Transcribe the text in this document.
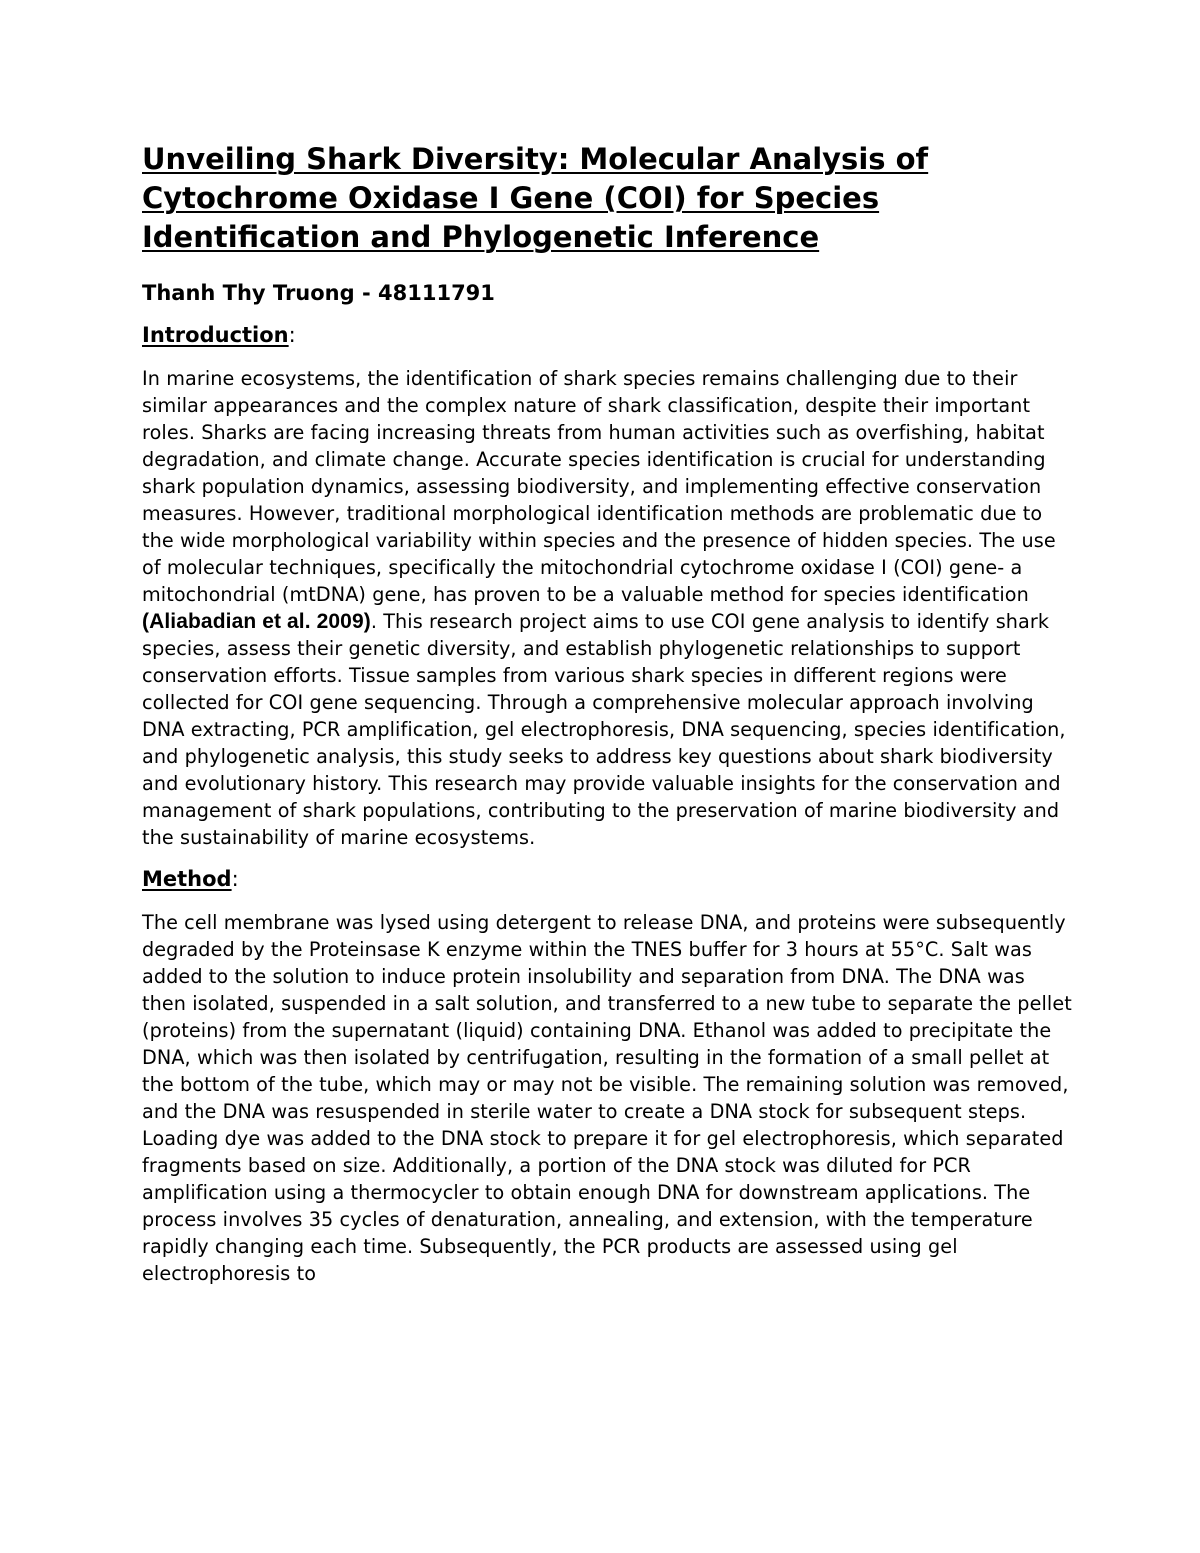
Unveiling Shark Diversity: Molecular Analysis of Cytochrome Oxidase I Gene (COI) for Species Identification and Phylogenetic Inference

Thanh Thy Truong - 48111791

Introduction:

In marine ecosystems, the identification of shark species remains challenging due to their similar appearances and the complex nature of shark classification, despite their important roles. Sharks are facing increasing threats from human activities such as overfishing, habitat degradation, and climate change. Accurate species identification is crucial for understanding shark population dynamics, assessing biodiversity, and implementing effective conservation measures. However, traditional morphological identification methods are problematic due to the wide morphological variability within species and the presence of hidden species. The use of molecular techniques, specifically the mitochondrial cytochrome oxidase I (COI) gene- a mitochondrial (mtDNA) gene, has proven to be a valuable method for species identification (Aliabadian et al. 2009). This research project aims to use COI gene analysis to identify shark species, assess their genetic diversity, and establish phylogenetic relationships to support conservation efforts. Tissue samples from various shark species in different regions were collected for COI gene sequencing. Through a comprehensive molecular approach involving DNA extracting, PCR amplification, gel electrophoresis, DNA sequencing, species identification, and phylogenetic analysis, this study seeks to address key questions about shark biodiversity and evolutionary history. This research may provide valuable insights for the conservation and management of shark populations, contributing to the preservation of marine biodiversity and the sustainability of marine ecosystems.

Method:

The cell membrane was lysed using detergent to release DNA, and proteins were subsequently degraded by the Proteinsase K enzyme within the TNES buffer for 3 hours at 55°C. Salt was added to the solution to induce protein insolubility and separation from DNA. The DNA was then isolated, suspended in a salt solution, and transferred to a new tube to separate the pellet (proteins) from the supernatant (liquid) containing DNA. Ethanol was added to precipitate the DNA, which was then isolated by centrifugation, resulting in the formation of a small pellet at the bottom of the tube, which may or may not be visible. The remaining solution was removed, and the DNA was resuspended in sterile water to create a DNA stock for subsequent steps. Loading dye was added to the DNA stock to prepare it for gel electrophoresis, which separated fragments based on size. Additionally, a portion of the DNA stock was diluted for PCR amplification using a thermocycler to obtain enough DNA for downstream applications. The process involves 35 cycles of denaturation, annealing, and extension, with the temperature rapidly changing each time. Subsequently, the PCR products are assessed using gel electrophoresis to
